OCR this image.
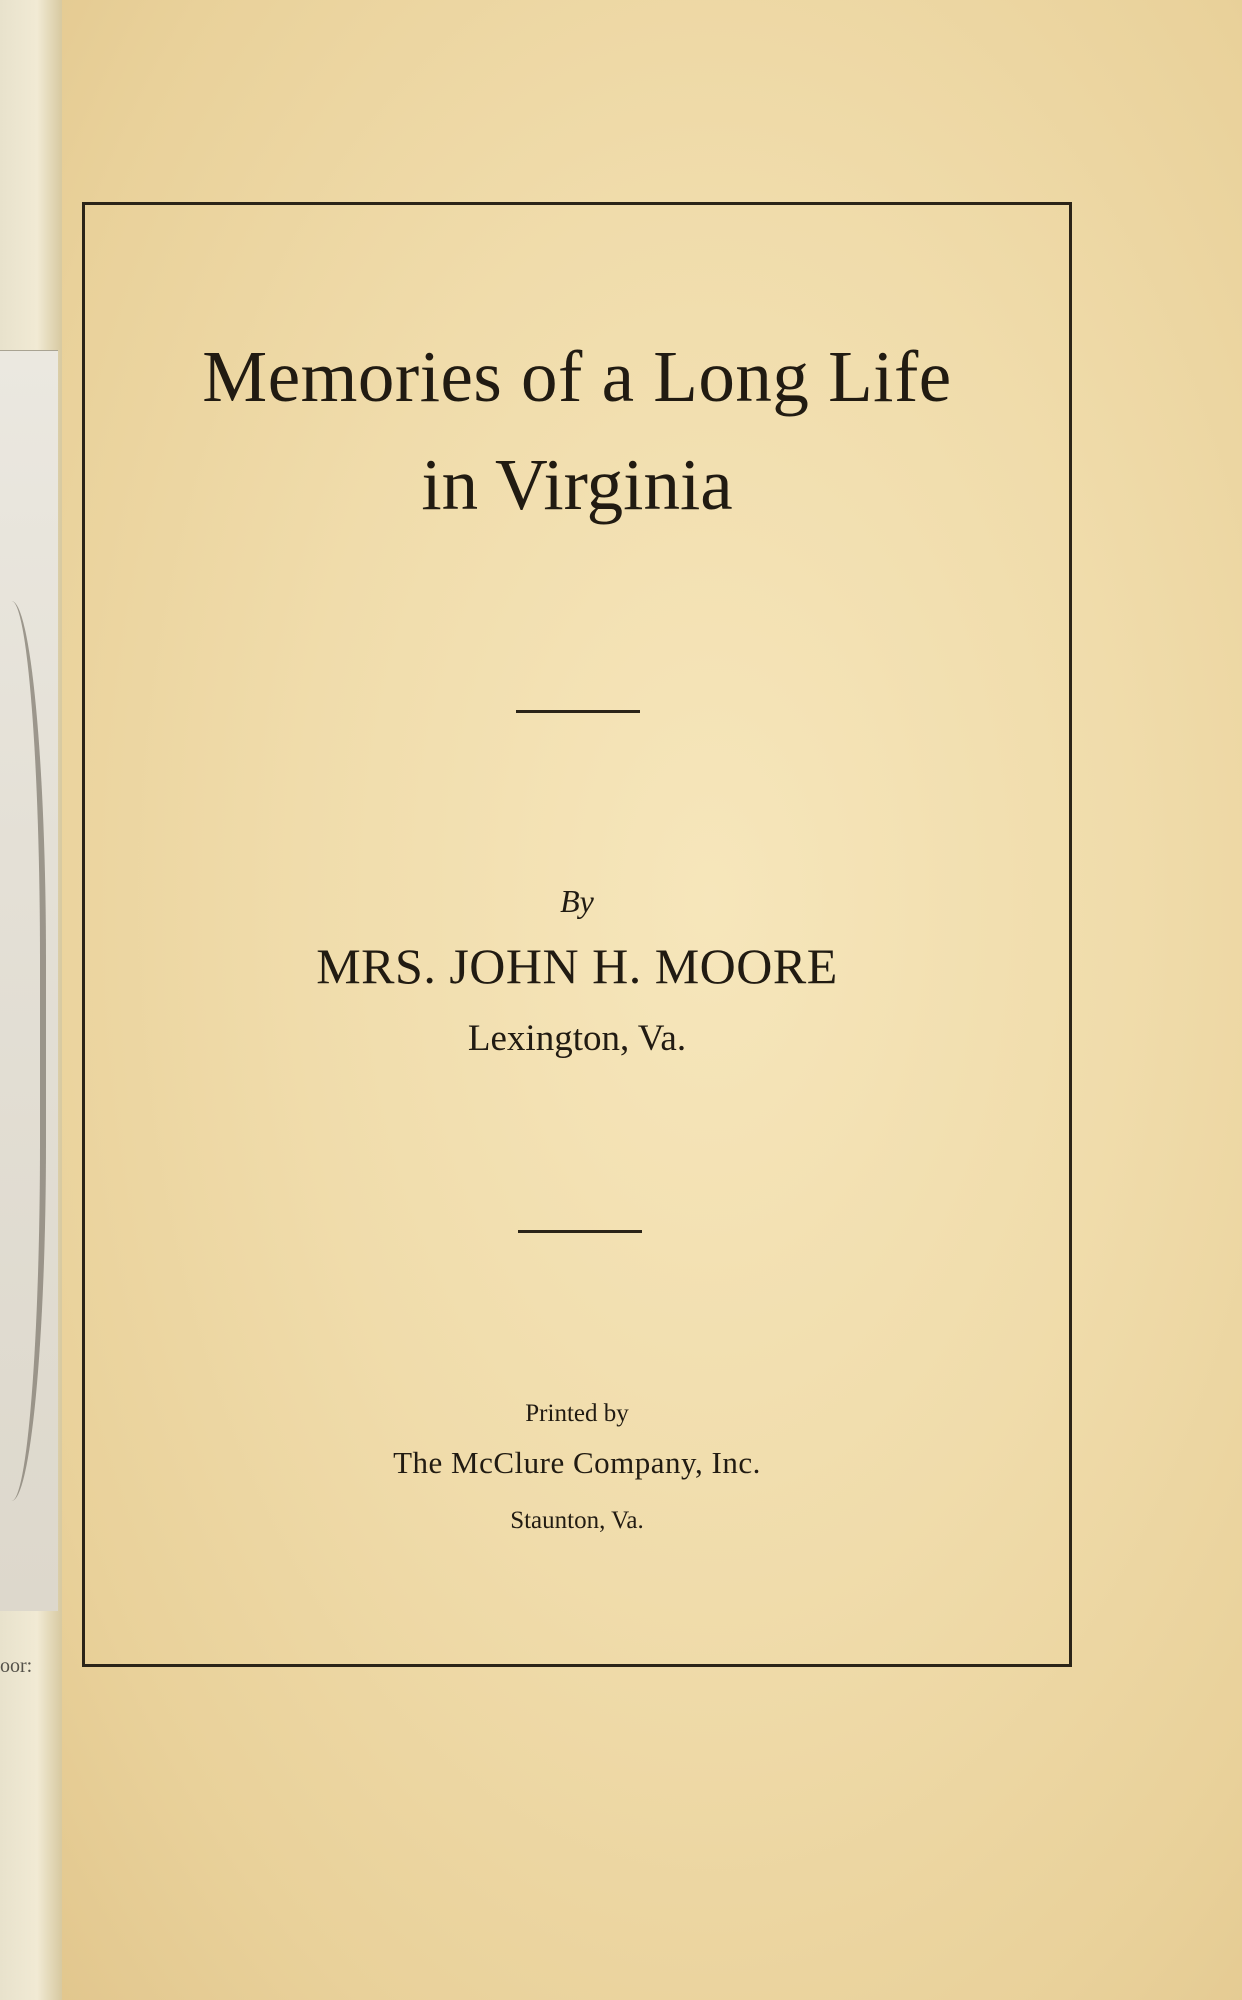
oor:
Memories of a Long Life
in Virginia
By
MRS. JOHN H. MOORE
Lexington, Va.
Printed by
The McClure Company, Inc.
Staunton, Va.
